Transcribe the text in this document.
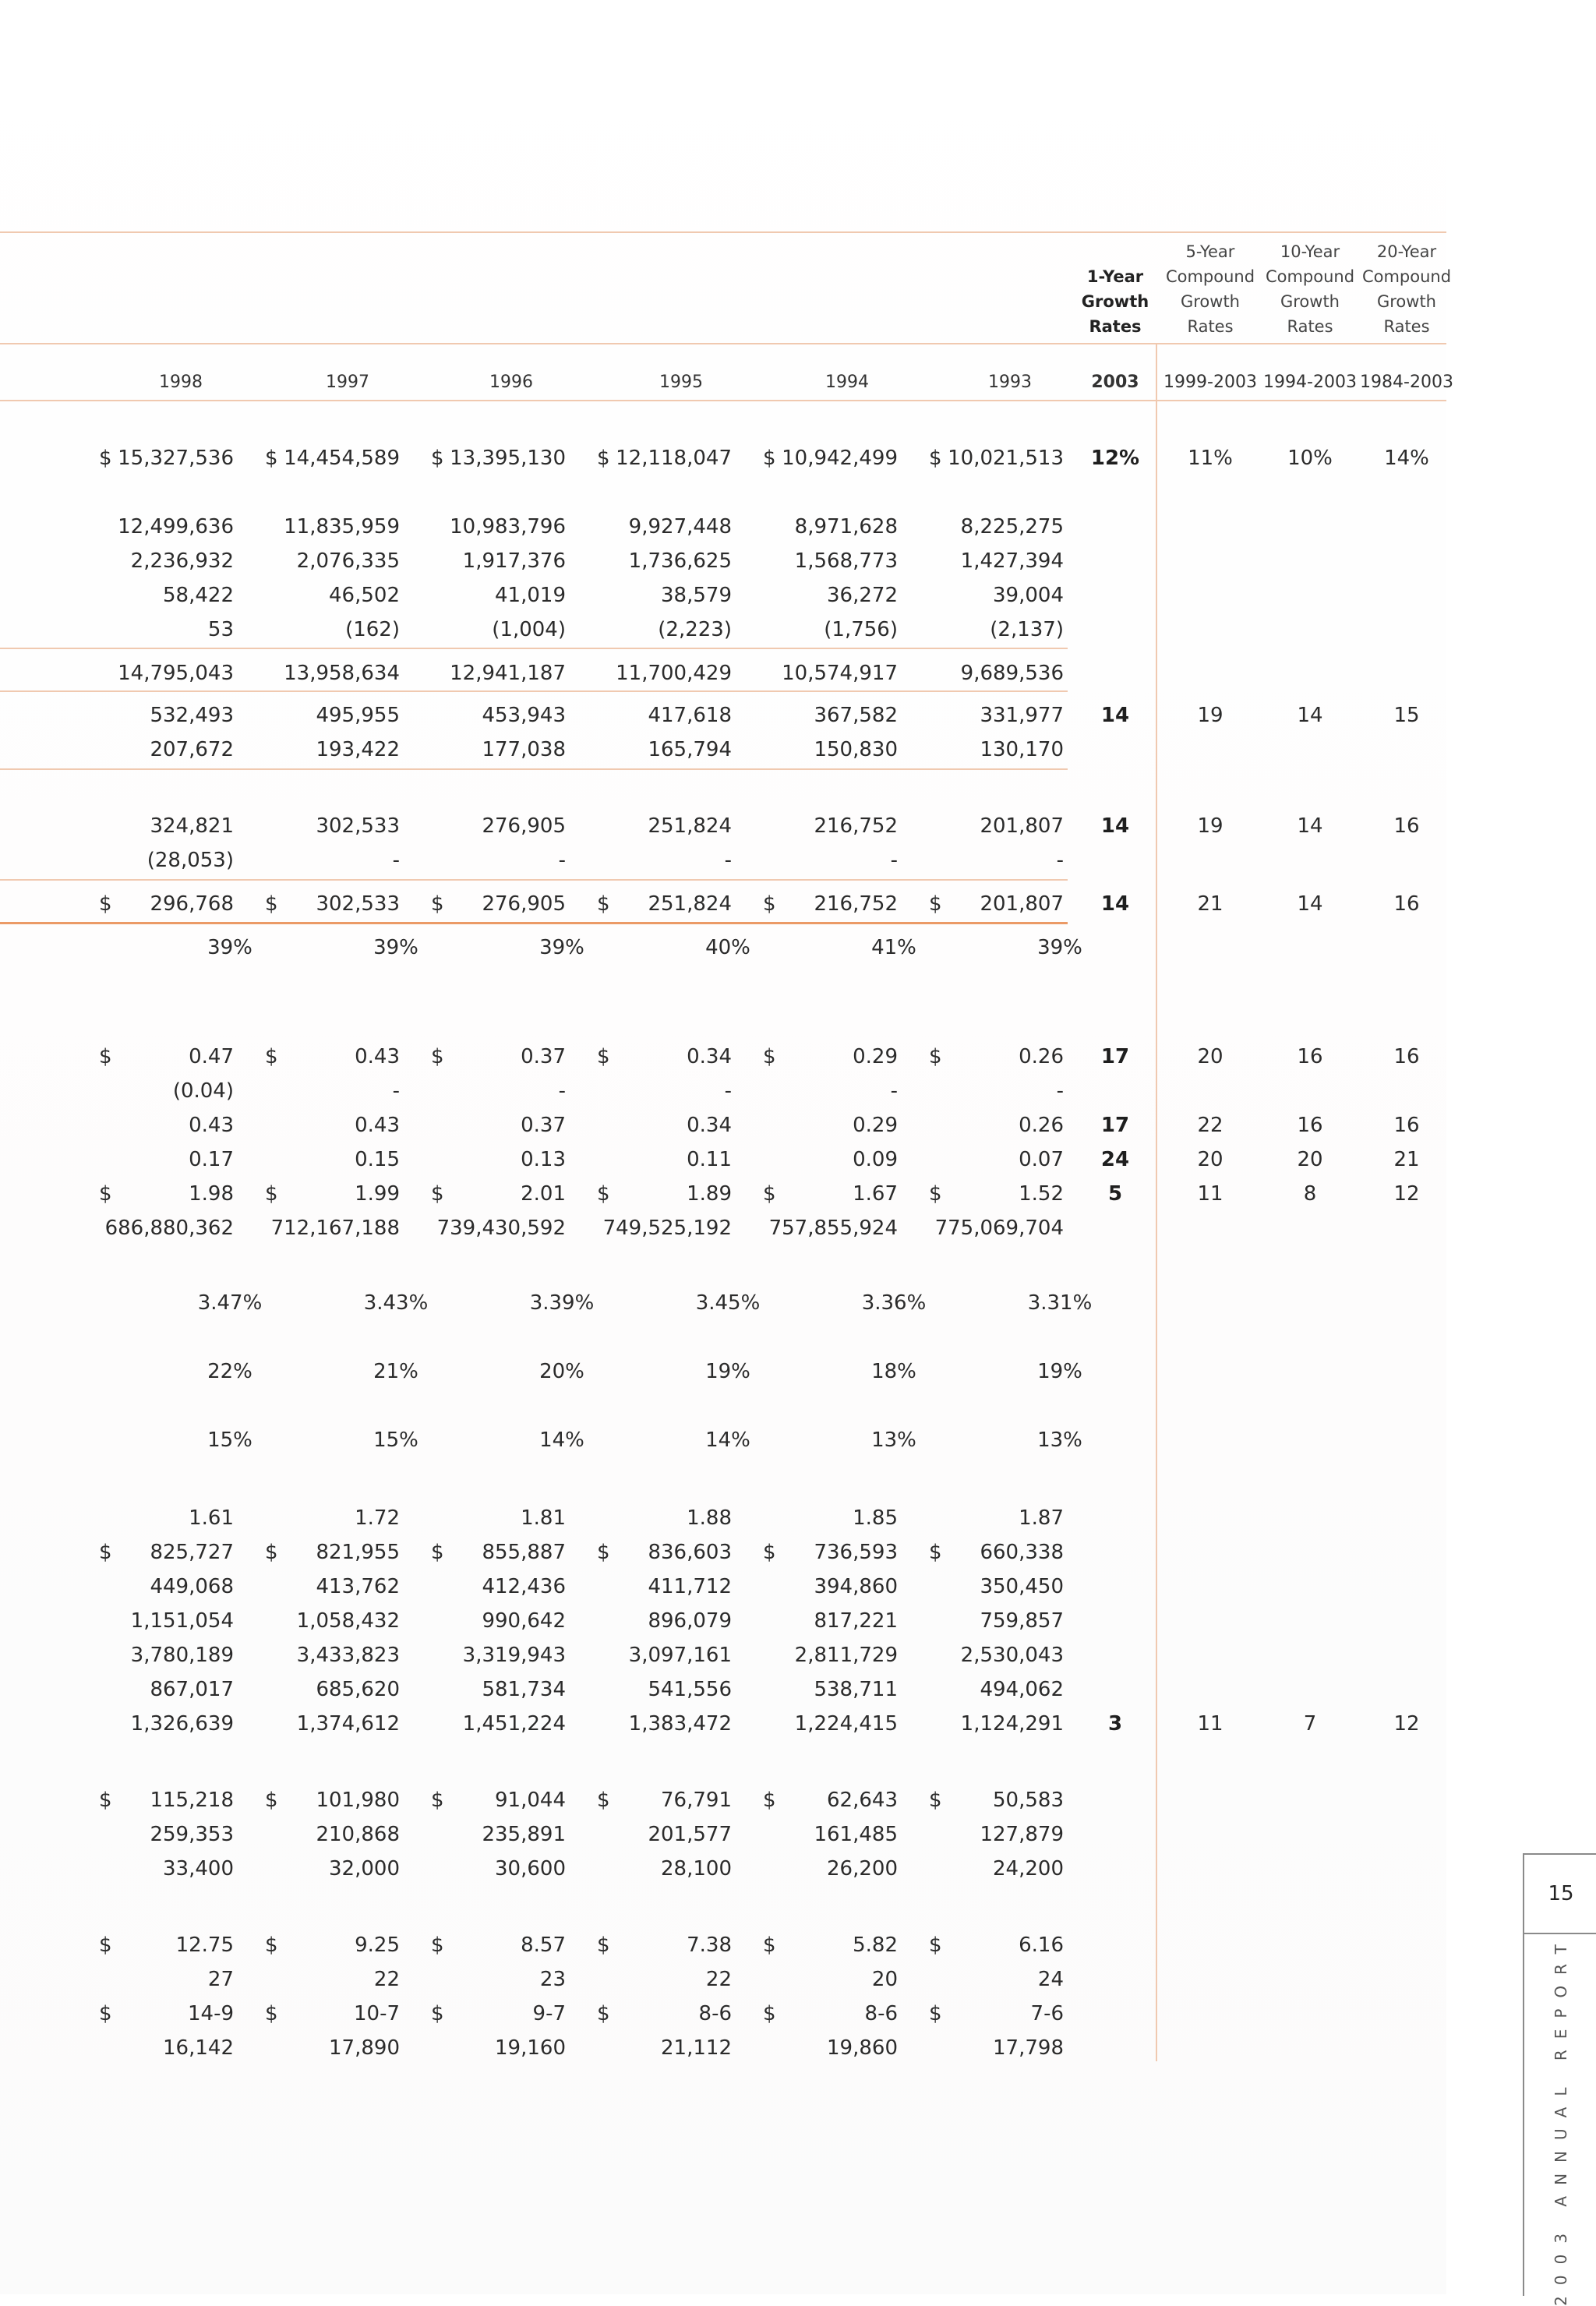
1-Year
Growth
Rates
5-Year
Compound
Growth
Rates
10-Year
Compound
Growth
Rates
20-Year
Compound
Growth
Rates
1998	1997	1996	1995	1994	1993	2003	1999-2003 1994-2003 1984-2003
$ 15,327,536 $ 14,454,589 $ 13,395,130 $ 12,118,047 $ 10,942,499 $ 10,021,513	12%	11%	10%	14%
12,499,636	11,835,959	10,983,796	9,927,448	8,971,628	8,225,275
2,236,932	2,076,335	1,917,376	1,736,625	1,568,773	1,427,394
58,422	46,502	41,019	38,579	36,272	39,004
53	(162)	(1,004)	(2,223)	(1,756)	(2,137)
14,795,043	13,958,634	12,941,187	11,700,429	10,574,917	9,689,536
532,493	495,955	453,943	417,618	367,582	331,977	14	19	14	15
207,672	193,422	177,038	165,794	150,830	130,170
324,821	302,533	276,905	251,824	216,752	201,807	14	19	14	16
(28,053)	-	-	-	-	-
$	296,768 $	302,533 $	276,905 $	251,824 $	216,752 $	201,807	14	21	14	16
39%	39%	39%	40%	41%	39%
$	0.47 $	0.43 $	0.37 $	0.34 $	0.29 $	0.26	17	20	16	16
(0.04)	-	-	-	-	-
0.43	0.43	0.37	0.34	0.29	0.26	17	22	16	16
0.17	0.15	0.13	0.11	0.09	0.07	24	20	20	21
$	1.98 $	1.99 $	2.01 $	1.89 $	1.67 $	1.52	5	11	8	12
686,880,362	712,167,188	739,430,592	749,525,192	757,855,924	775,069,704
3.47%	3.43%	3.39%	3.45%	3.36%	3.31%
22%	21%	20%	19%	18%	19%
15%	15%	14%	14%	13%	13%
1.61	1.72	1.81	1.88	1.85	1.87
$	825,727 $	821,955 $	855,887 $	836,603 $	736,593 $	660,338
449,068	413,762	412,436	411,712	394,860	350,450
1,151,054	1,058,432	990,642	896,079	817,221	759,857
3,780,189	3,433,823	3,319,943	3,097,161	2,811,729	2,530,043
867,017	685,620	581,734	541,556	538,711	494,062
1,326,639	1,374,612	1,451,224	1,383,472	1,224,415	1,124,291	3	11	7	12
$	115,218 $	101,980 $	91,044 $	76,791 $	62,643 $	50,583
259,353	210,868	235,891	201,577	161,485	127,879
33,400	32,000	30,600	28,100	26,200	24,200
$	12.75 $	9.25 $	8.57 $	7.38 $	5.82 $	6.16
27	22	23	22	20	24
$	14-9 $	10-7 $	9-7 $	8-6 $	8-6 $	7-6
16,142	17,890	19,160	21,112	19,860	17,798
15
2003 ANNUAL REPORT
